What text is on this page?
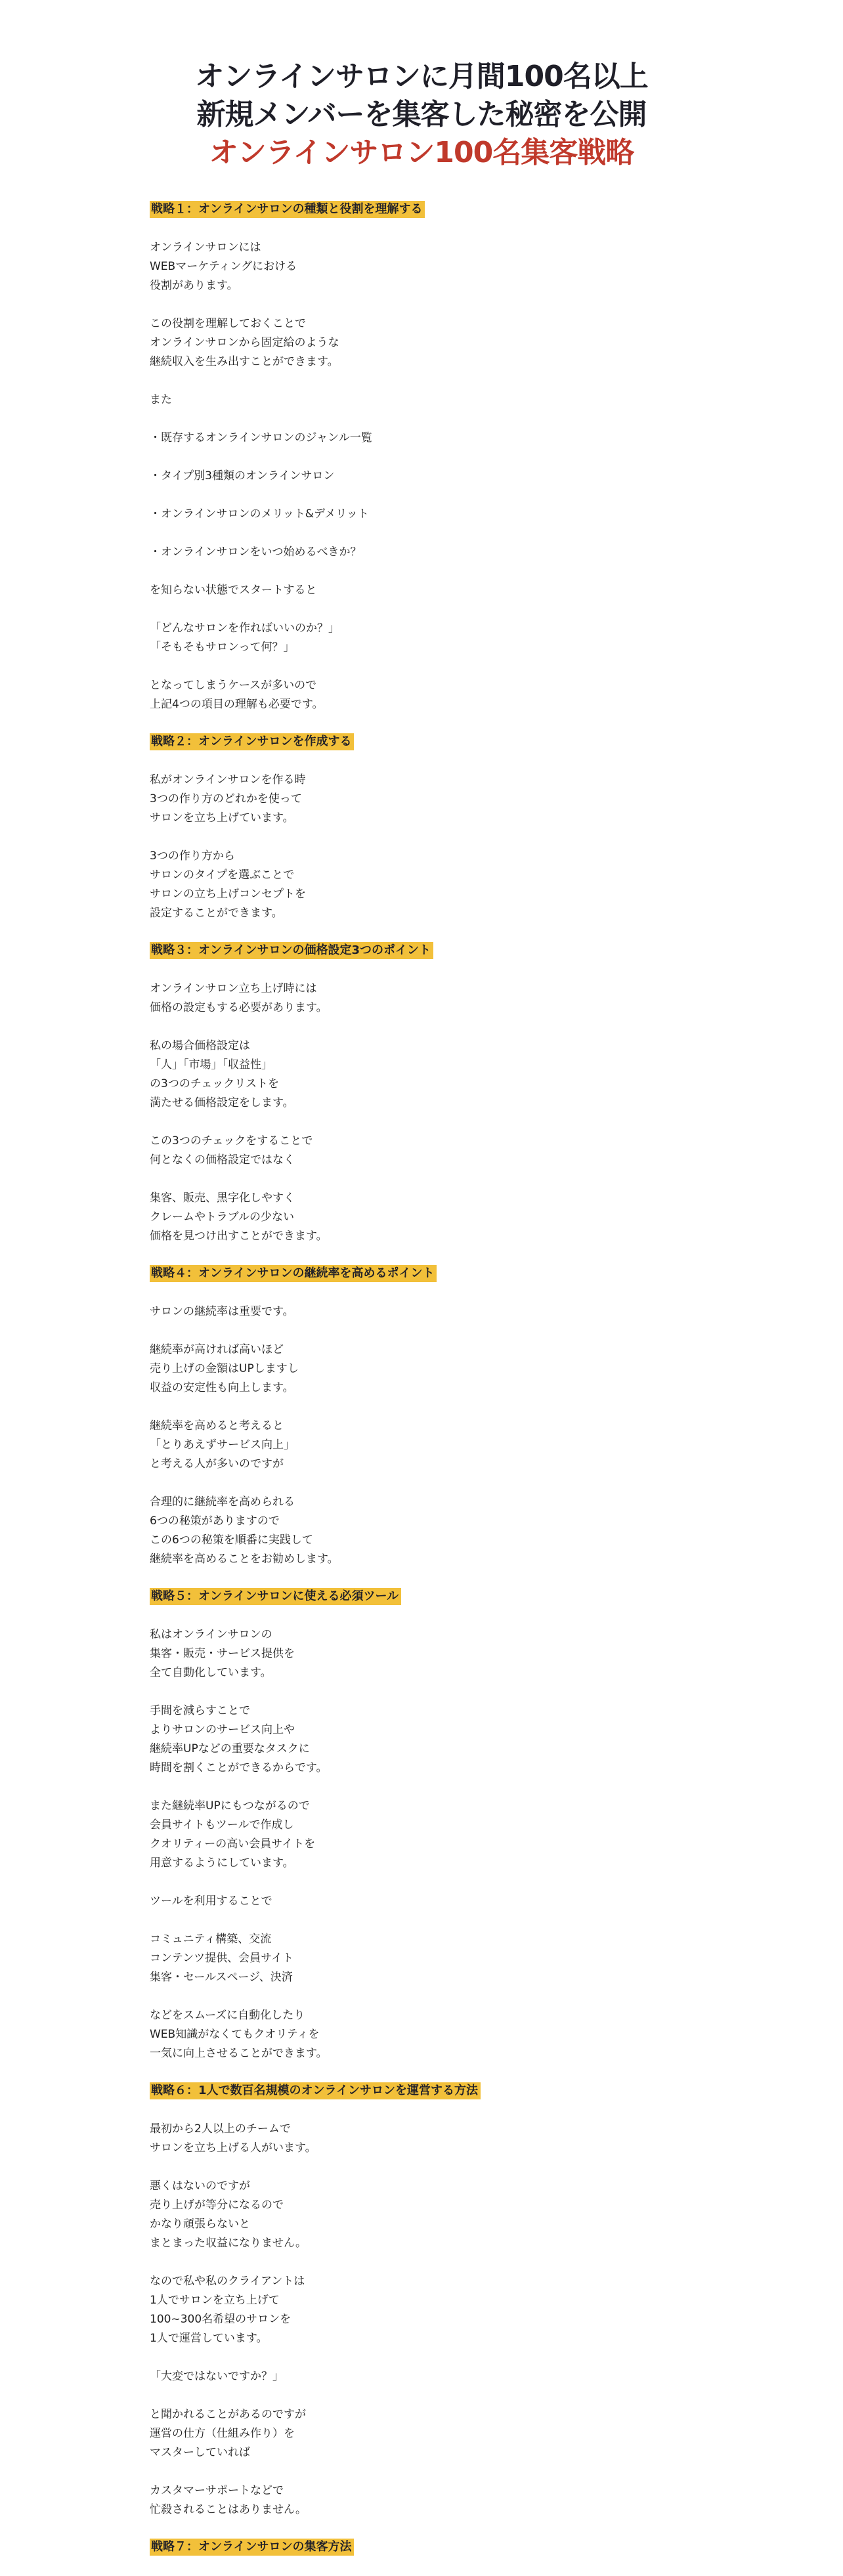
オンラインサロンに月間100名以上
新規メンバーを集客した秘密を公開
オンラインサロン100名集客戦略
戦略１：オンラインサロンの種類と役割を理解する

オンラインサロンには
WEBマーケティングにおける
役割があります。

この役割を理解しておくことで
オンラインサロンから固定給のような
継続収入を生み出すことができます。

また

・既存するオンラインサロンのジャンル一覧

・タイプ別3種類のオンラインサロン

・オンラインサロンのメリット&デメリット

・オンラインサロンをいつ始めるべきか？

を知らない状態でスタートすると

「どんなサロンを作ればいいのか？」
「そもそもサロンって何？」

となってしまうケースが多いので
上記4つの項目の理解も必要です。

戦略２：オンラインサロンを作成する

私がオンラインサロンを作る時
3つの作り方のどれかを使って
サロンを立ち上げています。

3つの作り方から
サロンのタイプを選ぶことで
サロンの立ち上げコンセプトを
設定することができます。

戦略３：オンラインサロンの価格設定3つのポイント

オンラインサロン立ち上げ時には
価格の設定もする必要があります。

私の場合価格設定は
「人」「市場」「収益性」
の3つのチェックリストを
満たせる価格設定をします。

この3つのチェックをすることで
何となくの価格設定ではなく

集客、販売、黒字化しやすく
クレームやトラブルの少ない
価格を見つけ出すことができます。

戦略４：オンラインサロンの継続率を高めるポイント

サロンの継続率は重要です。

継続率が高ければ高いほど
売り上げの金額はUPしますし
収益の安定性も向上します。

継続率を高めると考えると
「とりあえずサービス向上」
と考える人が多いのですが

合理的に継続率を高められる
6つの秘策がありますので
この6つの秘策を順番に実践して
継続率を高めることをお勧めします。

戦略５：オンラインサロンに使える必須ツール

私はオンラインサロンの
集客・販売・サービス提供を
全て自動化しています。

手間を減らすことで
よりサロンのサービス向上や
継続率UPなどの重要なタスクに
時間を割くことができるからです。

また継続率UPにもつながるので
会員サイトもツールで作成し
クオリティーの高い会員サイトを
用意するようにしています。

ツールを利用することで

コミュニティ構築、交流
コンテンツ提供、会員サイト
集客・セールスページ、決済

などをスムーズに自動化したり
WEB知識がなくてもクオリティを
一気に向上させることができます。

戦略６：1人で数百名規模のオンラインサロンを運営する方法

最初から2人以上のチームで
サロンを立ち上げる人がいます。

悪くはないのですが
売り上げが等分になるので
かなり頑張らないと
まとまった収益になりません。

なので私や私のクライアントは
1人でサロンを立ち上げて
100~300名希望のサロンを
1人で運営しています。

「大変ではないですか？」

と聞かれることがあるのですが
運営の仕方（仕組み作り）を
マスターしていれば

カスタマーサポートなどで
忙殺されることはありません。

戦略７：オンラインサロンの集客方法
